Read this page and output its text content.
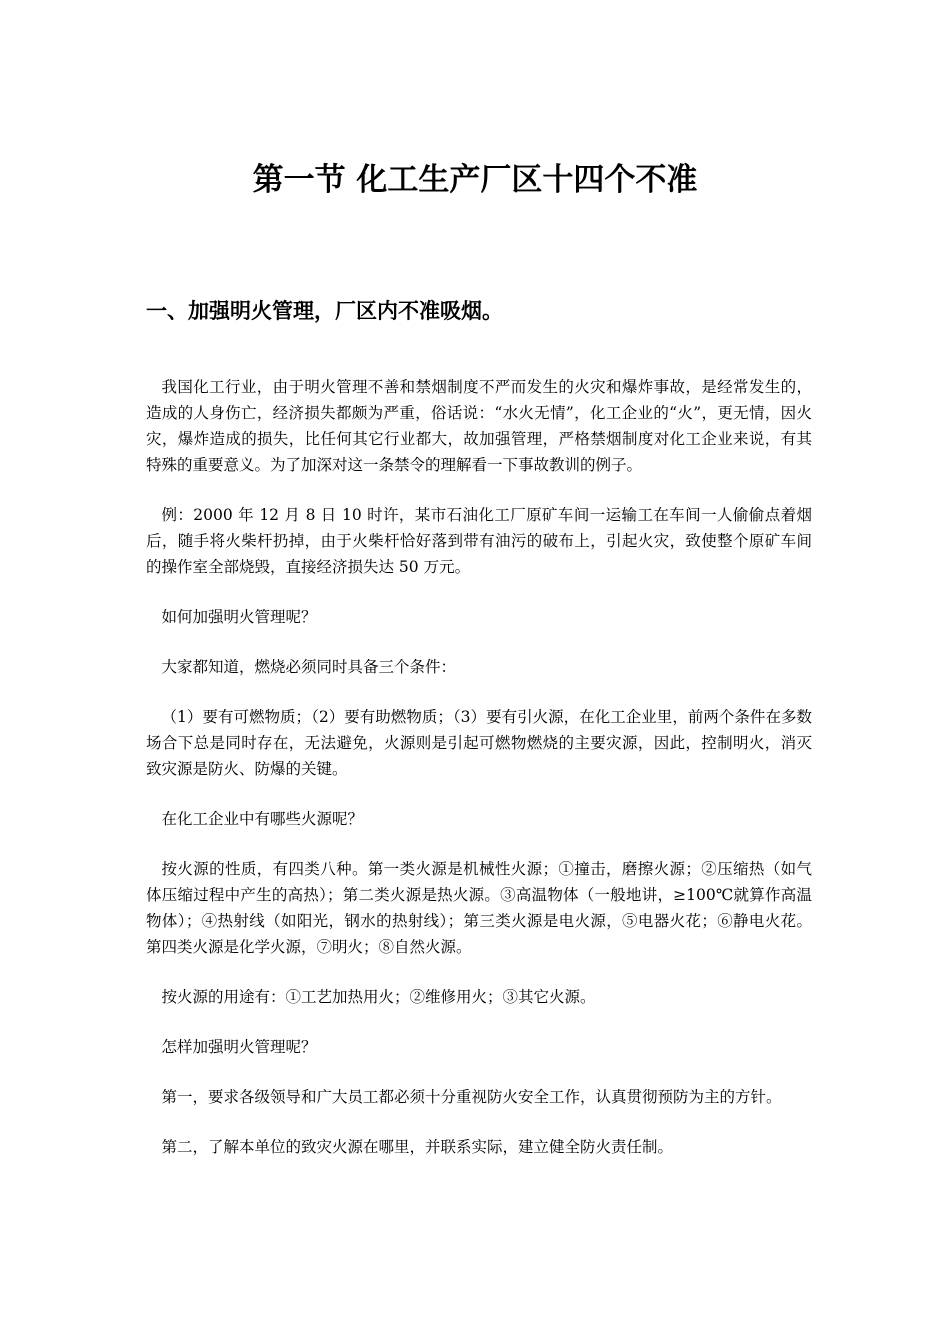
第一节 化工生产厂区十四个不准
一、加强明火管理，厂区内不准吸烟。

我国化工行业，由于明火管理不善和禁烟制度不严而发生的火灾和爆炸事故，是经常发生的，造成的人身伤亡，经济损失都颇为严重，俗话说：“水火无情”，化工企业的“火”，更无情，因火灾，爆炸造成的损失，比任何其它行业都大，故加强管理，严格禁烟制度对化工企业来说，有其特殊的重要意义。为了加深对这一条禁令的理解看一下事故教训的例子。

例：2000 年 12 月 8 日 10 时许，某市石油化工厂原矿车间一运输工在车间一人偷偷点着烟后，随手将火柴杆扔掉，由于火柴杆恰好落到带有油污的破布上，引起火灾，致使整个原矿车间的操作室全部烧毁，直接经济损失达 50 万元。

如何加强明火管理呢？

大家都知道，燃烧必须同时具备三个条件：

（1）要有可燃物质；（2）要有助燃物质；（3）要有引火源，在化工企业里，前两个条件在多数场合下总是同时存在，无法避免，火源则是引起可燃物燃烧的主要灾源，因此，控制明火，消灭致灾源是防火、防爆的关键。

在化工企业中有哪些火源呢？

按火源的性质，有四类八种。第一类火源是机械性火源；①撞击，磨擦火源；②压缩热（如气体压缩过程中产生的高热）；第二类火源是热火源。③高温物体（一般地讲，≥100℃就算作高温物体）；④热射线（如阳光，钢水的热射线）；第三类火源是电火源，⑤电器火花；⑥静电火花。第四类火源是化学火源，⑦明火；⑧自然火源。

按火源的用途有：①工艺加热用火；②维修用火；③其它火源。

怎样加强明火管理呢？

第一，要求各级领导和广大员工都必须十分重视防火安全工作，认真贯彻预防为主的方针。

第二，了解本单位的致灾火源在哪里，并联系实际，建立健全防火责任制。
